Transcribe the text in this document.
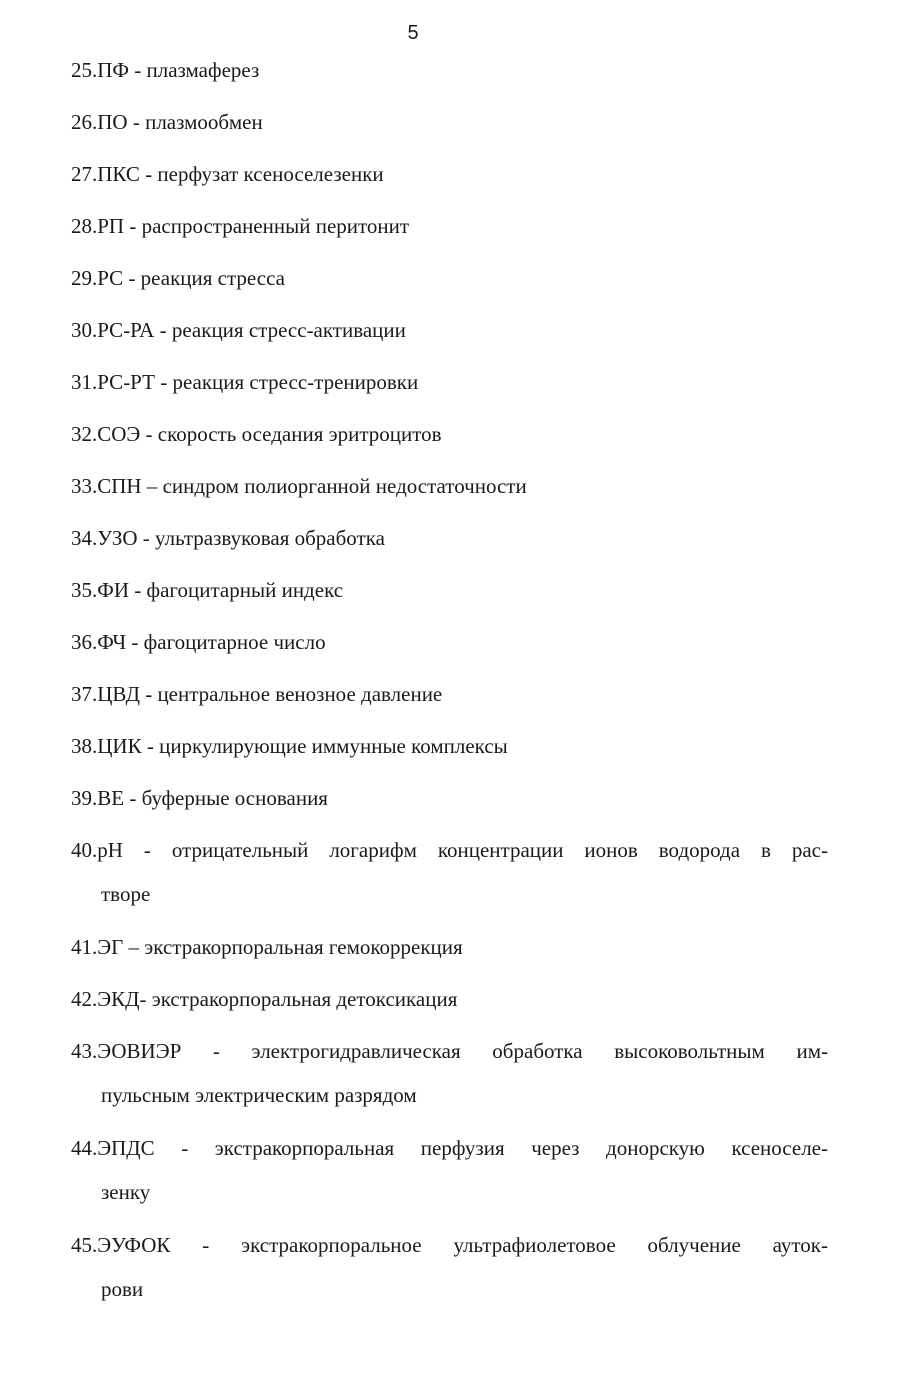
5
25.ПФ - плазмаферез
26.ПО - плазмообмен
27.ПКС - перфузат ксеноселезенки
28.РП - распространенный перитонит
29.РС - реакция стресса
30.РС-РА - реакция стресс-активации
31.РС-РТ - реакция стресс-тренировки
32.СОЭ - скорость оседания эритроцитов
33.СПН – синдром полиорганной недостаточности
34.УЗО - ультразвуковая обработка
35.ФИ - фагоцитарный индекс
36.ФЧ - фагоцитарное число
37.ЦВД - центральное венозное давление
38.ЦИК - циркулирующие иммунные комплексы
39.BE - буферные основания
40.рН - отрицательный логарифм концентрации ионов водорода в рас-
творе
41.ЭГ – экстракорпоральная гемокоррекция
42.ЭКД- экстракорпоральная детоксикация
43.ЭОВИЭР - электрогидравлическая обработка высоковольтным им-
пульсным электрическим разрядом
44.ЭПДС - экстракорпоральная перфузия через донорскую ксеноселе-
зенку
45.ЭУФОК - экстракорпоральное ультрафиолетовое облучение ауток-
рови
